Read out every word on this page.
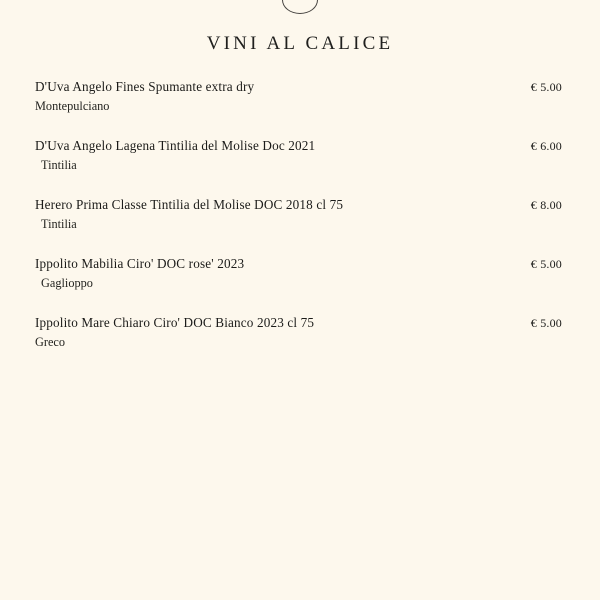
VINI AL CALICE
D'Uva Angelo Fines Spumante extra dry	€ 5.00
Montepulciano
D'Uva Angelo Lagena Tintilia del Molise Doc 2021	€ 6.00
Tintilia
Herero Prima Classe Tintilia del Molise DOC 2018 cl 75	€ 8.00
Tintilia
Ippolito Mabilia Ciro' DOC rose' 2023	€ 5.00
Gaglioppo
Ippolito Mare Chiaro Ciro' DOC Bianco 2023 cl 75	€ 5.00
Greco
